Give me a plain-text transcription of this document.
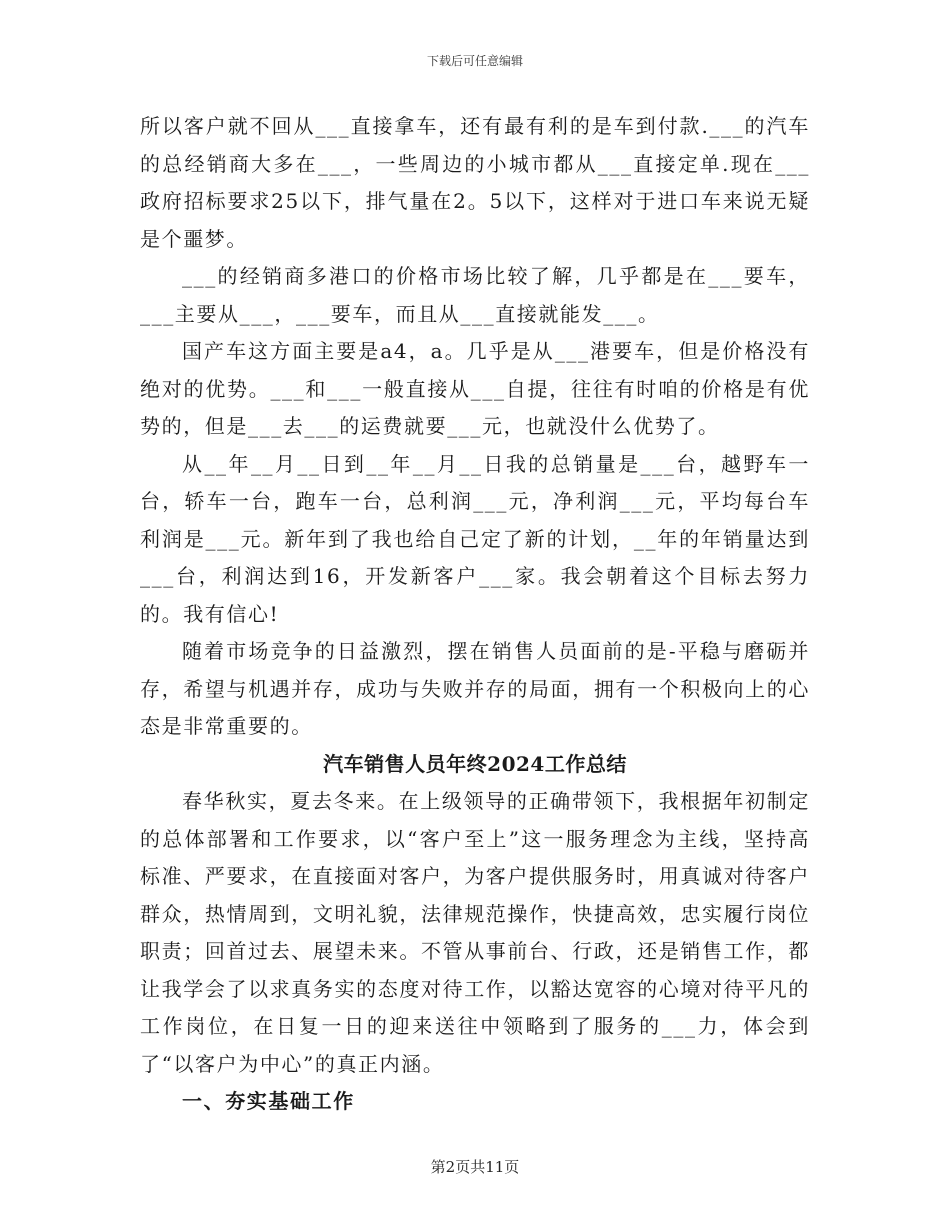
下载后可任意编辑

所以客户就不回从___直接拿车，还有最有利的是车到付款.___的汽车的总经销商大多在___，一些周边的小城市都从___直接定单.现在___政府招标要求25以下，排气量在2。5以下，这样对于进口车来说无疑是个噩梦。

___的经销商多港口的价格市场比较了解，几乎都是在___要车，___主要从___，___要车，而且从___直接就能发___。

国产车这方面主要是a4，a。几乎是从___港要车，但是价格没有绝对的优势。___和___一般直接从___自提，往往有时咱的价格是有优势的，但是___去___的运费就要___元，也就没什么优势了。

从__年__月__日到__年__月__日我的总销量是___台，越野车一台，轿车一台，跑车一台，总利润___元，净利润___元，平均每台车利润是___元。新年到了我也给自己定了新的计划，__年的年销量达到___台，利润达到16，开发新客户___家。我会朝着这个目标去努力的。我有信心!

随着市场竞争的日益激烈，摆在销售人员面前的是-平稳与磨砺并存，希望与机遇并存，成功与失败并存的局面，拥有一个积极向上的心态是非常重要的。

汽车销售人员年终2024工作总结

春华秋实，夏去冬来。在上级领导的正确带领下，我根据年初制定的总体部署和工作要求，以“客户至上”这一服务理念为主线，坚持高标准、严要求，在直接面对客户，为客户提供服务时，用真诚对待客户群众，热情周到，文明礼貌，法律规范操作，快捷高效，忠实履行岗位职责；回首过去、展望未来。不管从事前台、行政，还是销售工作，都让我学会了以求真务实的态度对待工作，以豁达宽容的心境对待平凡的工作岗位，在日复一日的迎来送往中领略到了服务的___力，体会到了“以客户为中心”的真正内涵。

一、夯实基础工作
第2页共11页
